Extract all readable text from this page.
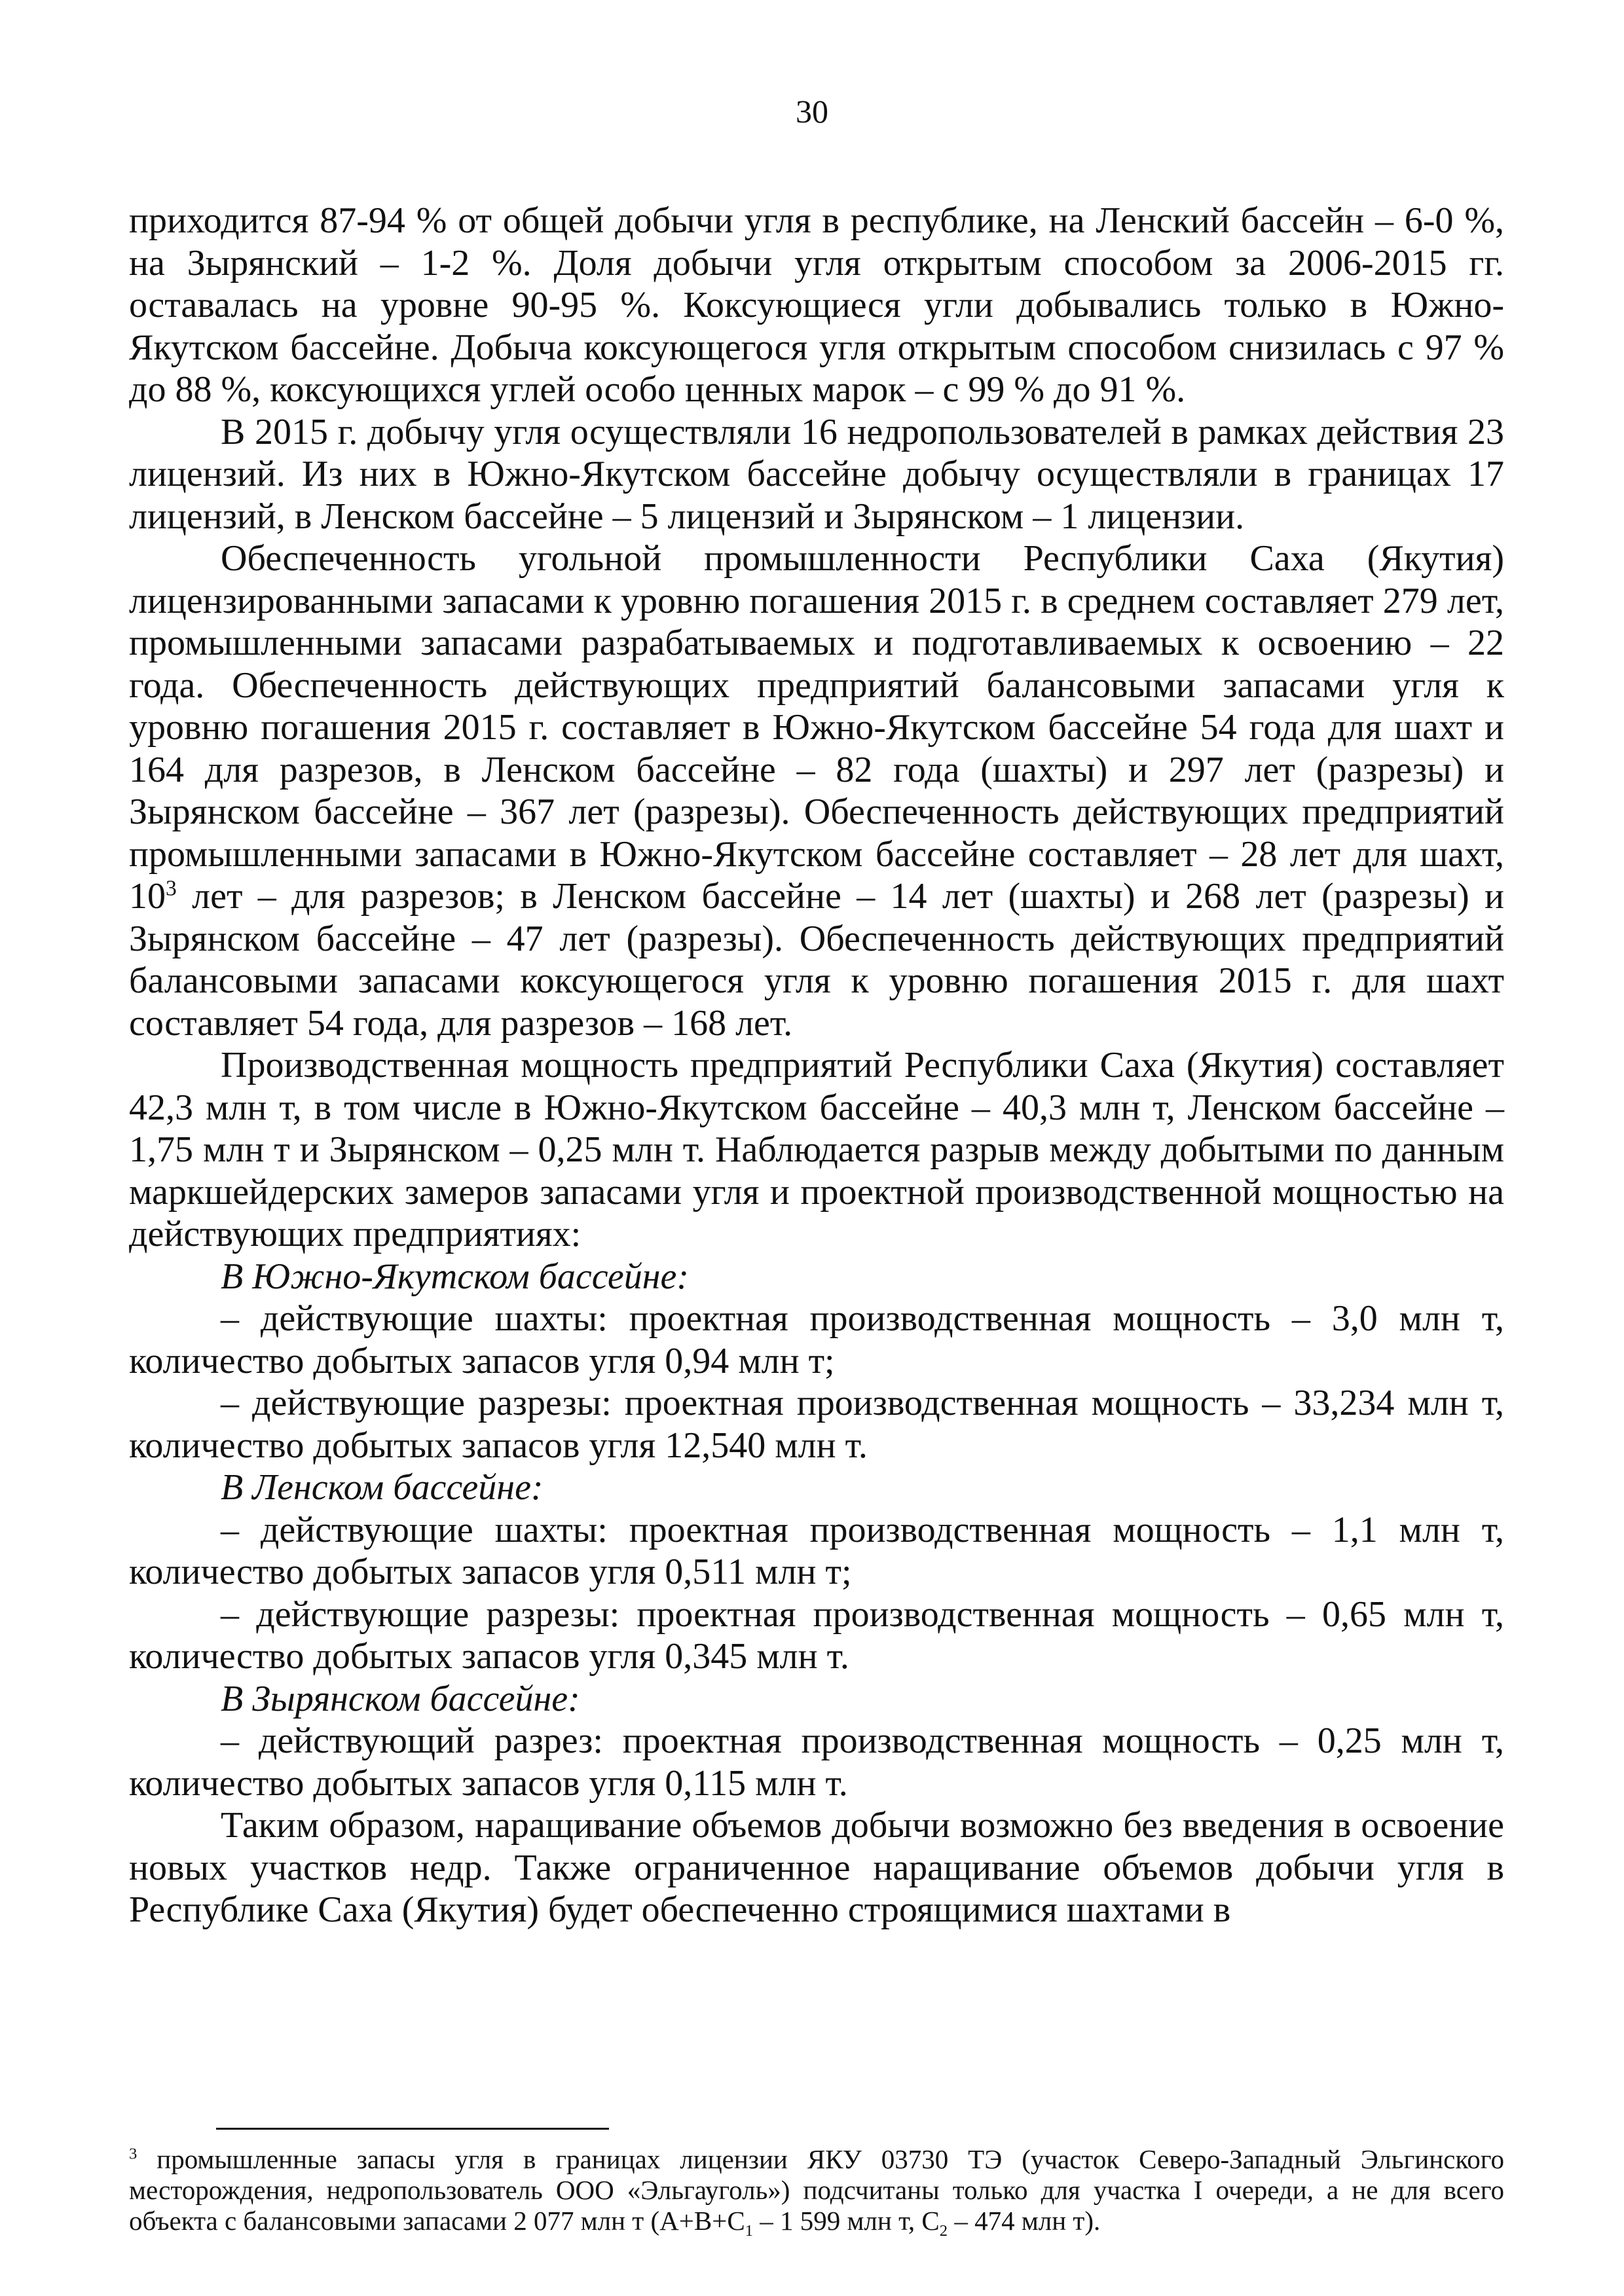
30

приходится 87-94 % от общей добычи угля в республике, на Ленский бассейн – 6-0 %, на Зырянский – 1-2 %. Доля добычи угля открытым способом за 2006-2015 гг. оставалась на уровне 90-95 %. Коксующиеся угли добывались только в Южно-Якутском бассейне. Добыча коксующегося угля открытым способом снизилась с 97 % до 88 %, коксующихся углей особо ценных марок – с 99 % до 91 %.

В 2015 г. добычу угля осуществляли 16 недропользователей в рамках действия 23 лицензий. Из них в Южно-Якутском бассейне добычу осуществляли в границах 17 лицензий, в Ленском бассейне – 5 лицензий и Зырянском – 1 лицензии.

Обеспеченность угольной промышленности Республики Саха (Якутия) лицензированными запасами к уровню погашения 2015 г. в среднем составляет 279 лет, промышленными запасами разрабатываемых и подготавливаемых к освоению – 22 года. Обеспеченность действующих предприятий балансовыми запасами угля к уровню погашения 2015 г. составляет в Южно-Якутском бассейне 54 года для шахт и 164 для разрезов, в Ленском бассейне – 82 года (шахты) и 297 лет (разрезы) и Зырянском бассейне – 367 лет (разрезы). Обеспеченность действующих предприятий промышленными запасами в Южно-Якутском бассейне составляет – 28 лет для шахт, $10^3$ лет – для разрезов; в Ленском бассейне – 14 лет (шахты) и 268 лет (разрезы) и Зырянском бассейне – 47 лет (разрезы). Обеспеченность действующих предприятий балансовыми запасами коксующегося угля к уровню погашения 2015 г. для шахт составляет 54 года, для разрезов – 168 лет.

Производственная мощность предприятий Республики Саха (Якутия) составляет 42,3 млн т, в том числе в Южно-Якутском бассейне – 40,3 млн т, Ленском бассейне – 1,75 млн т и Зырянском – 0,25 млн т. Наблюдается разрыв между добытыми по данным маркшейдерских замеров запасами угля и проектной производственной мощностью на действующих предприятиях:

В Южно-Якутском бассейне:

– действующие шахты: проектная производственная мощность – 3,0 млн т, количество добытых запасов угля 0,94 млн т;

– действующие разрезы: проектная производственная мощность – 33,234 млн т, количество добытых запасов угля 12,540 млн т.

В Ленском бассейне:

– действующие шахты: проектная производственная мощность – 1,1 млн т, количество добытых запасов угля 0,511 млн т;

– действующие разрезы: проектная производственная мощность – 0,65 млн т, количество добытых запасов угля 0,345 млн т.

В Зырянском бассейне:

– действующий разрез: проектная производственная мощность – 0,25 млн т, количество добытых запасов угля 0,115 млн т.

Таким образом, наращивание объемов добычи возможно без введения в освоение новых участков недр. Также ограниченное наращивание объемов добычи угля в Республике Саха (Якутия) будет обеспеченно строящимися шахтами в

$^3$ промышленные запасы угля в границах лицензии ЯКУ 03730 ТЭ (участок Северо-Западный Эльгинского месторождения, недропользователь ООО «Эльгауголь») подсчитаны только для участка I очереди, а не для всего объекта с балансовыми запасами 2 077 млн т ($А+В+С_1 - 1$ 599 млн т, $С_2 - 474$ млн т).
